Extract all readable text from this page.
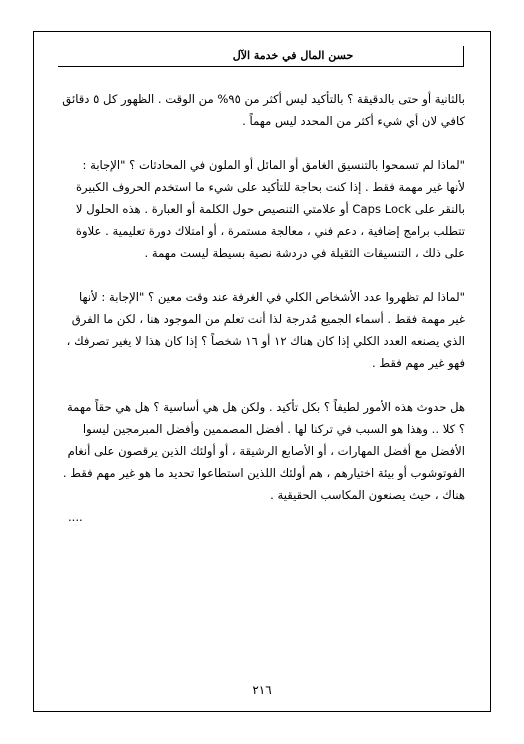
حسن المال في خدمة الآل

بالثانية أو حتى بالدقيقة ؟ بالتأكيد ليس أكثر من ٩٥% من الوقت . الظهور كل ٥ دقائق كافي لان أي شيء أكثر من المحدد ليس مهماً .

"لماذا لم تسمحوا بالتنسيق الغامق أو المائل أو الملون في المحادثات ؟ "الإجابة : لأنها غير مهمة فقط . إذا كنت بحاجة للتأكيد على شيء ما استخدم الحروف الكبيرة بالنقر على Caps Lock أو علامتي التنصيص حول الكلمة أو العبارة . هذه الحلول لا تتطلب برامج إضافية ، دعم فني ، معالجة مستمرة ، أو امتلاك دورة تعليمية . علاوة على ذلك ، التنسيقات الثقيلة في دردشة نصية بسيطة ليست مهمة .

"لماذا لم تظهروا عدد الأشخاص الكلي في الغرفة عند وقت معين ؟ "الإجابة : لأنها غير مهمة فقط . أسماء الجميع مُدرجة لذا أنت تعلم من الموجود هنا ، لكن ما الفرق الذي يصنعه العدد الكلي إذا كان هناك ١٢ أو ١٦ شخصاً ؟ إذا كان هذا لا يغير تصرفك ، فهو غير مهم فقط .

هل حدوث هذه الأمور لطيفاً ؟ بكل تأكيد . ولكن هل هي أساسية ؟ هل هي حقاً مهمة ؟ كلا .. وهذا هو السبب في تركنا لها . أفضل المصممين وأفضل المبرمجين ليسوا الأفضل مع أفضل المهارات ، أو الأصابع الرشيقة ، أو أولئك الذين يرقصون على أنغام الفوتوشوب أو بيئة اختيارهم ، هم أولئك اللذين استطاعوا تحديد ما هو غير مهم فقط . هناك ، حيث يصنعون المكاسب الحقيقية .

....

٢١٦
